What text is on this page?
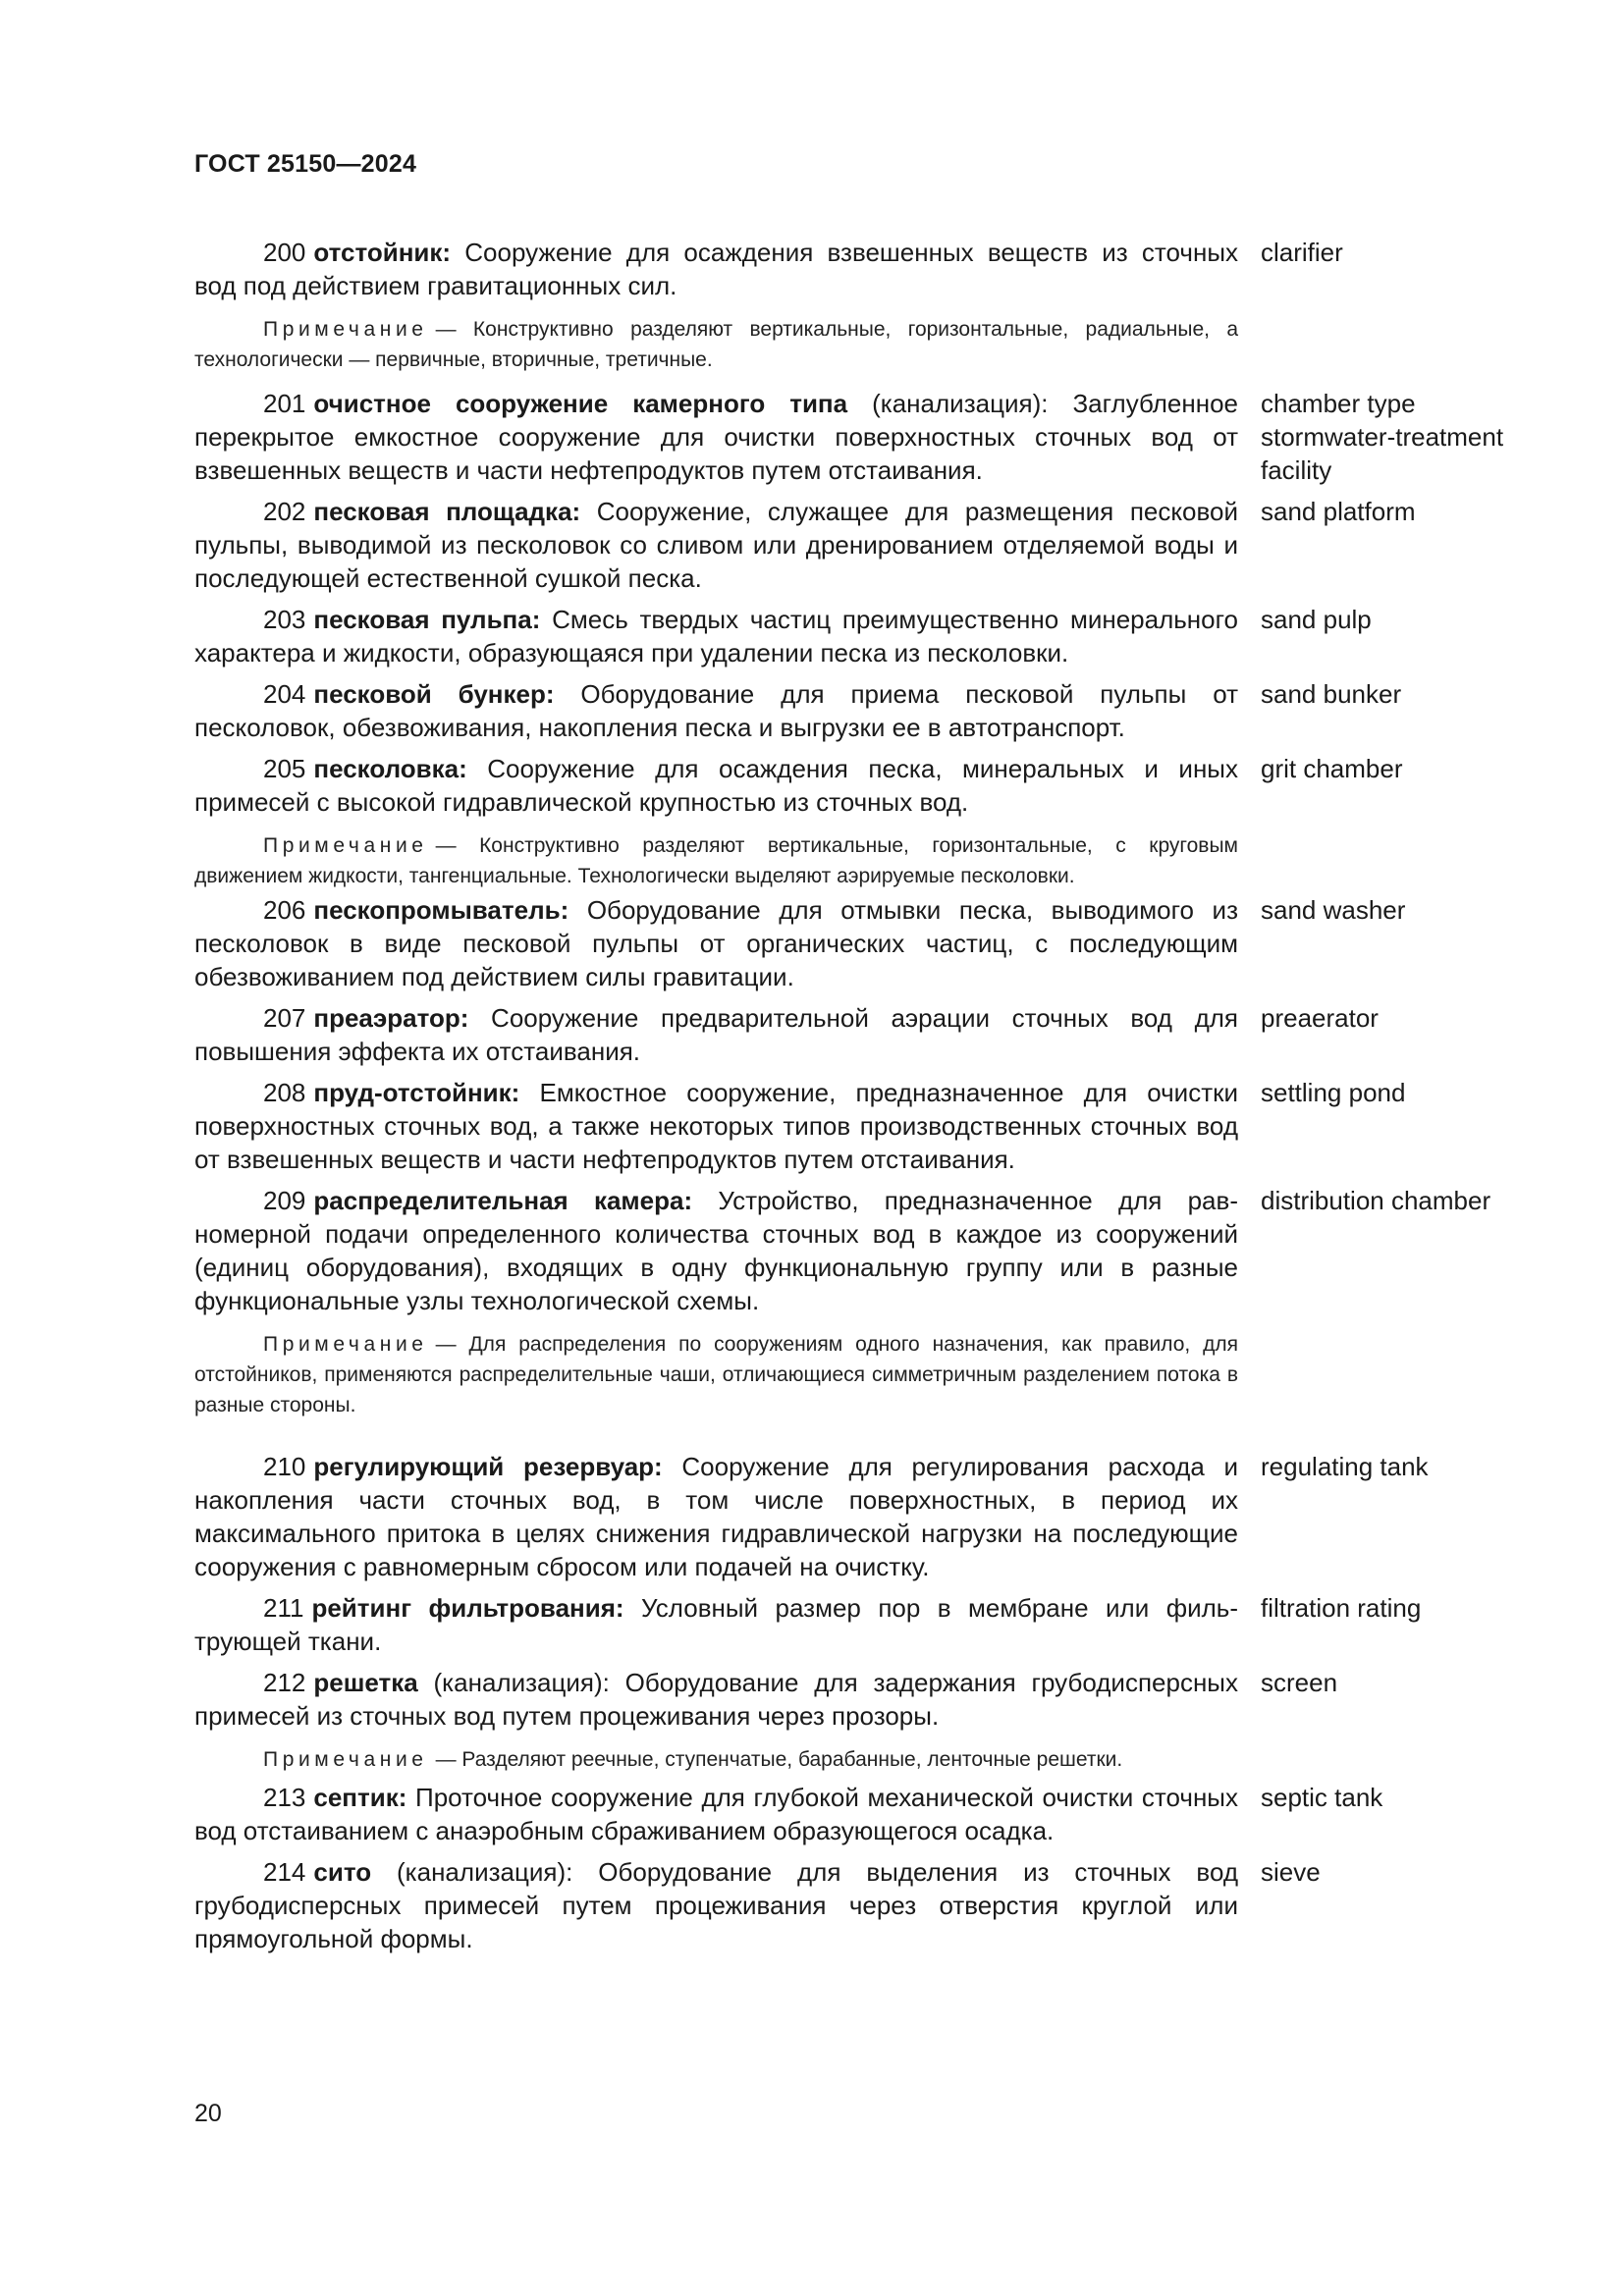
ГОСТ 25150—2024
200 отстойник: Сооружение для осаждения взвешенных веществ из сточных вод под действием гравитационных сил.
clarifier
Примечание — Конструктивно разделяют вертикальные, горизонтальные, радиальные, а технологически — первичные, вторичные, третичные.
201 очистное сооружение камерного типа (канализация): Заглубленное перекрытое емкостное сооружение для очистки поверхностных сточных вод от взвешенных веществ и части нефтепродуктов путем отстаивания.
chamber type stormwater-treatment facility
202 песковая площадка: Сооружение, служащее для размещения песковой пульпы, выводимой из песколовок со сливом или дренированием отделяемой воды и последующей естественной сушкой песка.
sand platform
203 песковая пульпа: Смесь твердых частиц преимущественно минерального характера и жидкости, образующаяся при удалении песка из песколовки.
sand pulp
204 песковой бункер: Оборудование для приема песковой пульпы от песколовок, обезвоживания, накопления песка и выгрузки ее в автотранспорт.
sand bunker
205 песколовка: Сооружение для осаждения песка, минеральных и иных примесей с высокой гидравлической крупностью из сточных вод.
grit chamber
Примечание — Конструктивно разделяют вертикальные, горизонтальные, с круговым движением жидкости, тангенциальные. Технологически выделяют аэрируемые песколовки.
206 пескопромыватель: Оборудование для отмывки песка, выводимого из песколовок в виде песковой пульпы от органических частиц, с последующим обезвоживанием под действием силы гравитации.
sand washer
207 преаэратор: Сооружение предварительной аэрации сточных вод для повышения эффекта их отстаивания.
preaerator
208 пруд-отстойник: Емкостное сооружение, предназначенное для очистки поверхностных сточных вод, а также некоторых типов производственных сточных вод от взвешенных веществ и части нефтепродуктов путем отстаивания.
settling pond
209 распределительная камера: Устройство, предназначенное для равномерной подачи определенного количества сточных вод в каждое из сооружений (единиц оборудования), входящих в одну функциональную группу или в разные функциональные узлы технологической схемы.
distribution chamber
Примечание — Для распределения по сооружениям одного назначения, как правило, для отстойников, применяются распределительные чаши, отличающиеся симметричным разделением потока в разные стороны.
210 регулирующий резервуар: Сооружение для регулирования расхода и накопления части сточных вод, в том числе поверхностных, в период их максимального притока в целях снижения гидравлической нагрузки на последующие сооружения с равномерным сбросом или подачей на очистку.
regulating tank
211 рейтинг фильтрования: Условный размер пор в мембране или фильтрующей ткани.
filtration rating
212 решетка (канализация): Оборудование для задержания грубодисперсных примесей из сточных вод путем процеживания через прозоры.
screen
Примечание — Разделяют реечные, ступенчатые, барабанные, ленточные решетки.
213 септик: Проточное сооружение для глубокой механической очистки сточных вод отстаиванием с анаэробным сбраживанием образующегося осадка.
septic tank
214 сито (канализация): Оборудование для выделения из сточных вод грубодисперсных примесей путем процеживания через отверстия круглой или прямоугольной формы.
sieve
20
